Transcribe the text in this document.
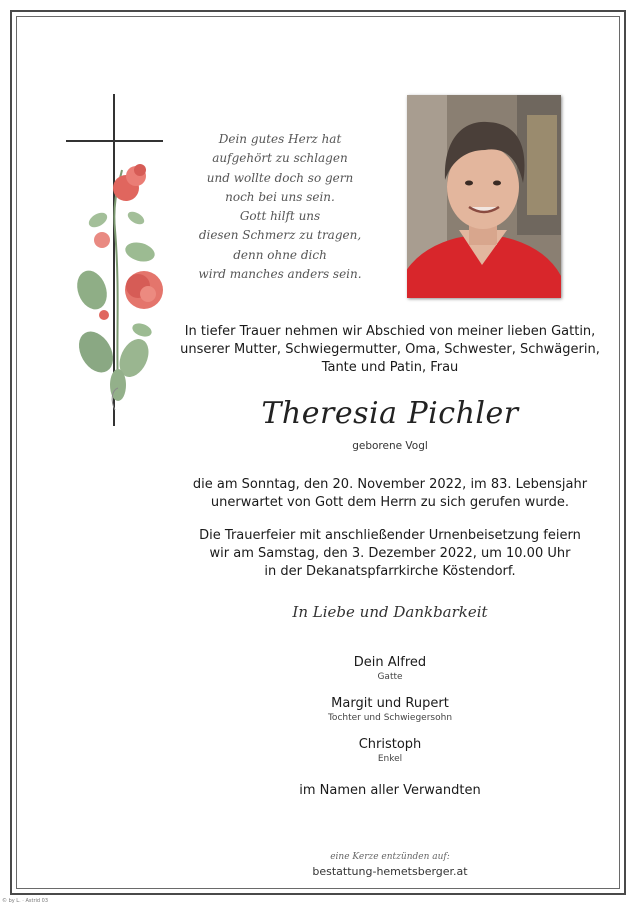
Dein gutes Herz hat
aufgehört zu schlagen
und wollte doch so gern
noch bei uns sein.
Gott hilft uns
diesen Schmerz zu tragen,
denn ohne dich
wird manches anders sein.
In tiefer Trauer nehmen wir Abschied von meiner lieben Gattin,
unserer Mutter, Schwiegermutter, Oma, Schwester, Schwägerin,
Tante und Patin, Frau
Theresia Pichler
geborene Vogl
die am Sonntag, den 20. November 2022, im 83. Lebensjahr
unerwartet von Gott dem Herrn zu sich gerufen wurde.
Die Trauerfeier mit anschließender Urnenbeisetzung feiern
wir am Samstag, den 3. Dezember 2022, um 10.00 Uhr
in der Dekanatspfarrkirche Köstendorf.
In Liebe und Dankbarkeit
Dein Alfred
Gatte
Margit und Rupert
Tochter und Schwiegersohn
Christoph
Enkel
im Namen aller Verwandten
eine Kerze entzünden auf:
bestattung-hemetsberger.at
© by L. · Astrid 03
